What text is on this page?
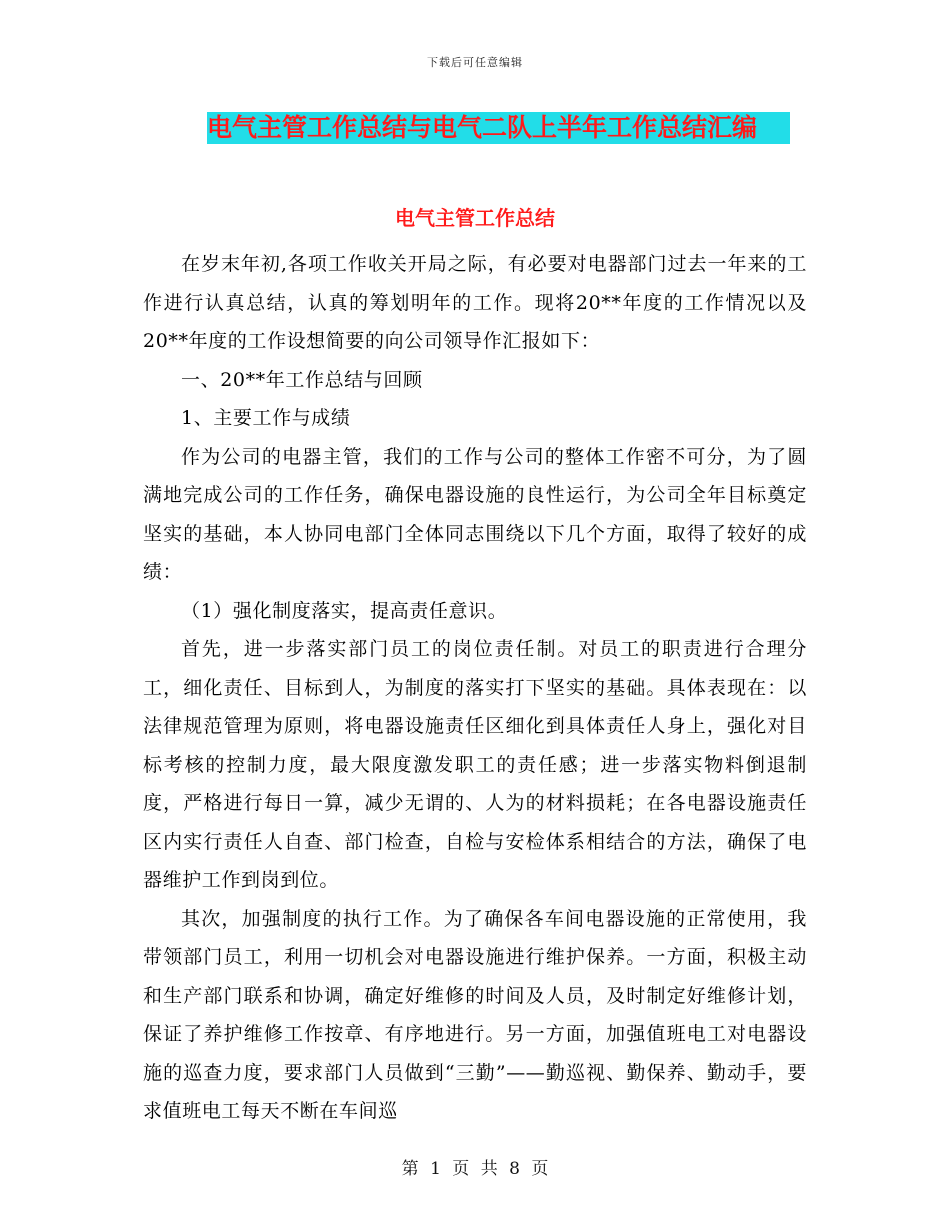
下载后可任意编辑
电气主管工作总结与电气二队上半年工作总结汇编
电气主管工作总结

在岁末年初,各项工作收关开局之际，有必要对电器部门过去一年来的工作进行认真总结，认真的筹划明年的工作。现将20**年度的工作情况以及20**年度的工作设想简要的向公司领导作汇报如下：

一、20**年工作总结与回顾

1、主要工作与成绩

作为公司的电器主管，我们的工作与公司的整体工作密不可分，为了圆满地完成公司的工作任务，确保电器设施的良性运行，为公司全年目标奠定坚实的基础，本人协同电部门全体同志围绕以下几个方面，取得了较好的成绩：

（1）强化制度落实，提高责任意识。

首先，进一步落实部门员工的岗位责任制。对员工的职责进行合理分工，细化责任、目标到人，为制度的落实打下坚实的基础。具体表现在：以法律规范管理为原则，将电器设施责任区细化到具体责任人身上，强化对目标考核的控制力度，最大限度激发职工的责任感；进一步落实物料倒退制度，严格进行每日一算，减少无谓的、人为的材料损耗；在各电器设施责任区内实行责任人自查、部门检查，自检与安检体系相结合的方法，确保了电器维护工作到岗到位。

其次，加强制度的执行工作。为了确保各车间电器设施的正常使用，我带领部门员工，利用一切机会对电器设施进行维护保养。一方面，积极主动和生产部门联系和协调，确定好维修的时间及人员，及时制定好维修计划，保证了养护维修工作按章、有序地进行。另一方面，加强值班电工对电器设施的巡查力度，要求部门人员做到“三勤”——勤巡视、勤保养、勤动手，要求值班电工每天不断在车间巡

第 1 页 共 8 页
